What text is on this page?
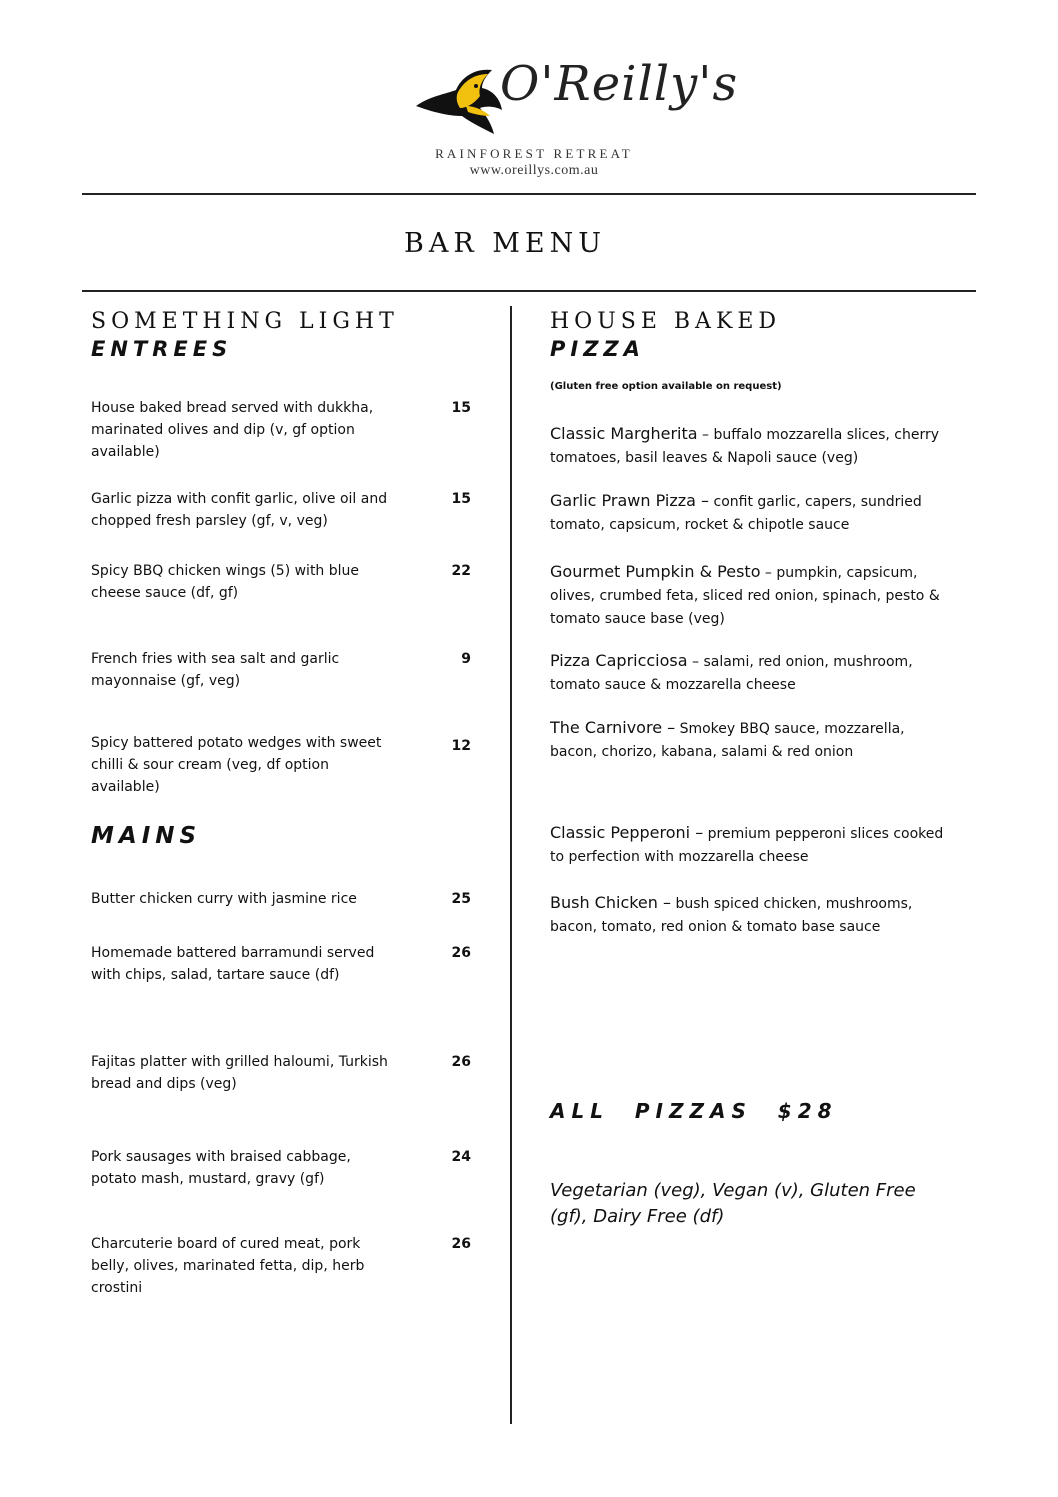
O'Reilly's
RAINFOREST RETREAT
www.oreillys.com.au
BAR MENU
SOMETHING LIGHT
ENTREES
House baked bread served with dukkha, marinated olives and dip (v, gf option available)
15
Garlic pizza with confit garlic, olive oil and chopped fresh parsley (gf, v, veg)
15
Spicy BBQ chicken wings (5) with blue cheese sauce (df, gf)
22
French fries with sea salt and garlic mayonnaise (gf, veg)
9
Spicy battered potato wedges with sweet chilli & sour cream (veg, df option available)
12
MAINS
Butter chicken curry with jasmine rice	25
Homemade battered barramundi served with chips, salad, tartare sauce (df)
26
Fajitas platter with grilled haloumi, Turkish bread and dips (veg)
26
Pork sausages with braised cabbage, potato mash, mustard, gravy (gf)
24
Charcuterie board of cured meat, pork belly, olives, marinated fetta, dip, herb crostini
26
HOUSE BAKED
PIZZA
(Gluten free option available on request)
Classic Margherita – buffalo mozzarella slices, cherry tomatoes, basil leaves & Napoli sauce (veg)
Garlic Prawn Pizza – confit garlic, capers, sundried tomato, capsicum, rocket & chipotle sauce
Gourmet Pumpkin & Pesto – pumpkin, capsicum, olives, crumbed feta, sliced red onion, spinach, pesto & tomato sauce base (veg)
Pizza Capricciosa – salami, red onion, mushroom, tomato sauce & mozzarella cheese
The Carnivore – Smokey BBQ sauce, mozzarella, bacon, chorizo, kabana, salami & red onion
Classic Pepperoni – premium pepperoni slices cooked to perfection with mozzarella cheese
Bush Chicken – bush spiced chicken, mushrooms, bacon, tomato, red onion & tomato base sauce
ALL  PIZZAS  $28
Vegetarian (veg), Vegan (v), Gluten Free (gf), Dairy Free (df)
